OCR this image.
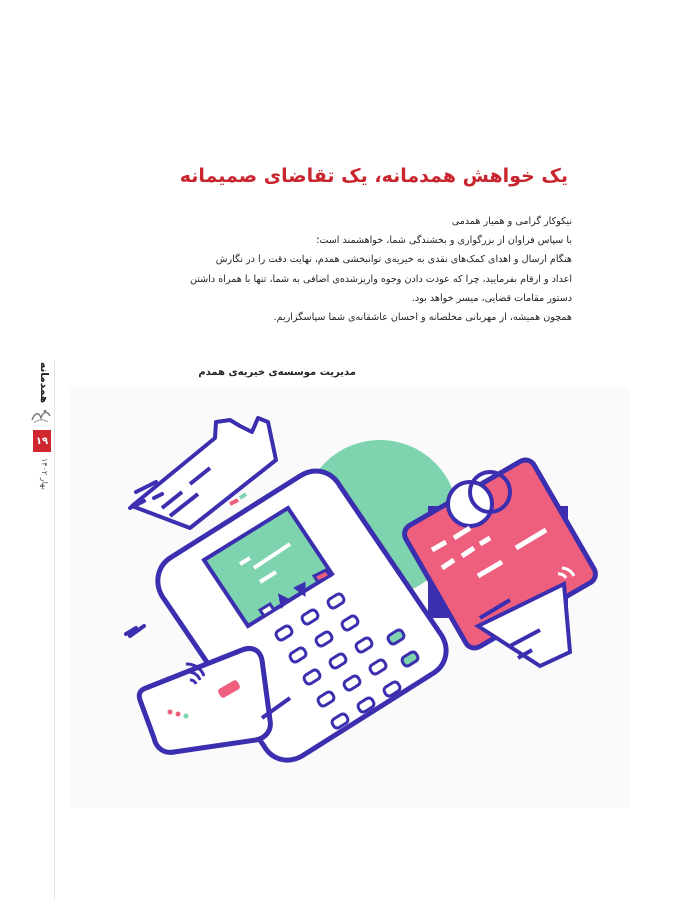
یک خواهش همدمانه، یک تقاضای صمیمانه

نیکوکار گرامی و همیار همدمی

با سپاس فراوان از بزرگواری و بخشندگی شما، خواهشمند است؛

هنگام ارسال و اهدای کمک‌های نقدی به خیریه‌ی توانبخشی همدم، نهایت دقت را در نگارش

اعداد و ارقام بفرمایید، چرا که عودت دادن وجوه واریزشده‌ی اضافی به شما، تنها با همراه داشتن

دستور مقامات قضایی، میسر خواهد بود.

همچون همیشه، از مهربانی مخلصانه و احسان عاشقانه‌ی شما سپاسگزاریم.

مدیریت موسسه‌ی خیریه‌ی همدم
همدمانه
۱۹
بهار ۱۴۰۲
